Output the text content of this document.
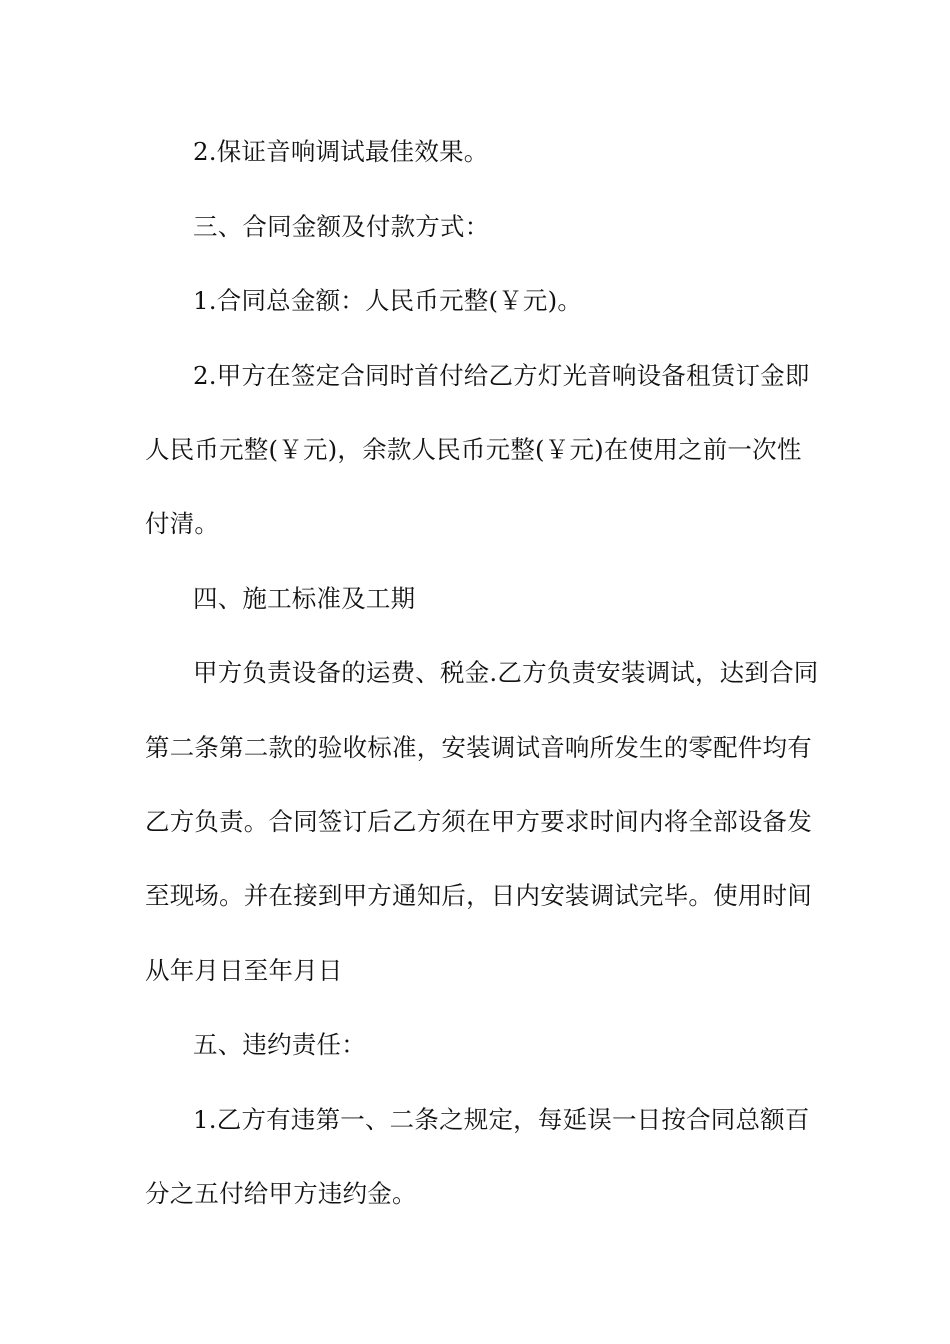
2.保证音响调试最佳效果。
三、合同金额及付款方式：
1.合同总金额：人民币元整(￥元)。
2.甲方在签定合同时首付给乙方灯光音响设备租赁订金即
人民币元整(￥元)，余款人民币元整(￥元)在使用之前一次性
付清。
四、施工标准及工期
甲方负责设备的运费、税金.乙方负责安装调试，达到合同
第二条第二款的验收标准，安装调试音响所发生的零配件均有
乙方负责。合同签订后乙方须在甲方要求时间内将全部设备发
至现场。并在接到甲方通知后，日内安装调试完毕。使用时间
从年月日至年月日
五、违约责任：
1.乙方有违第一、二条之规定，每延误一日按合同总额百
分之五付给甲方违约金。
